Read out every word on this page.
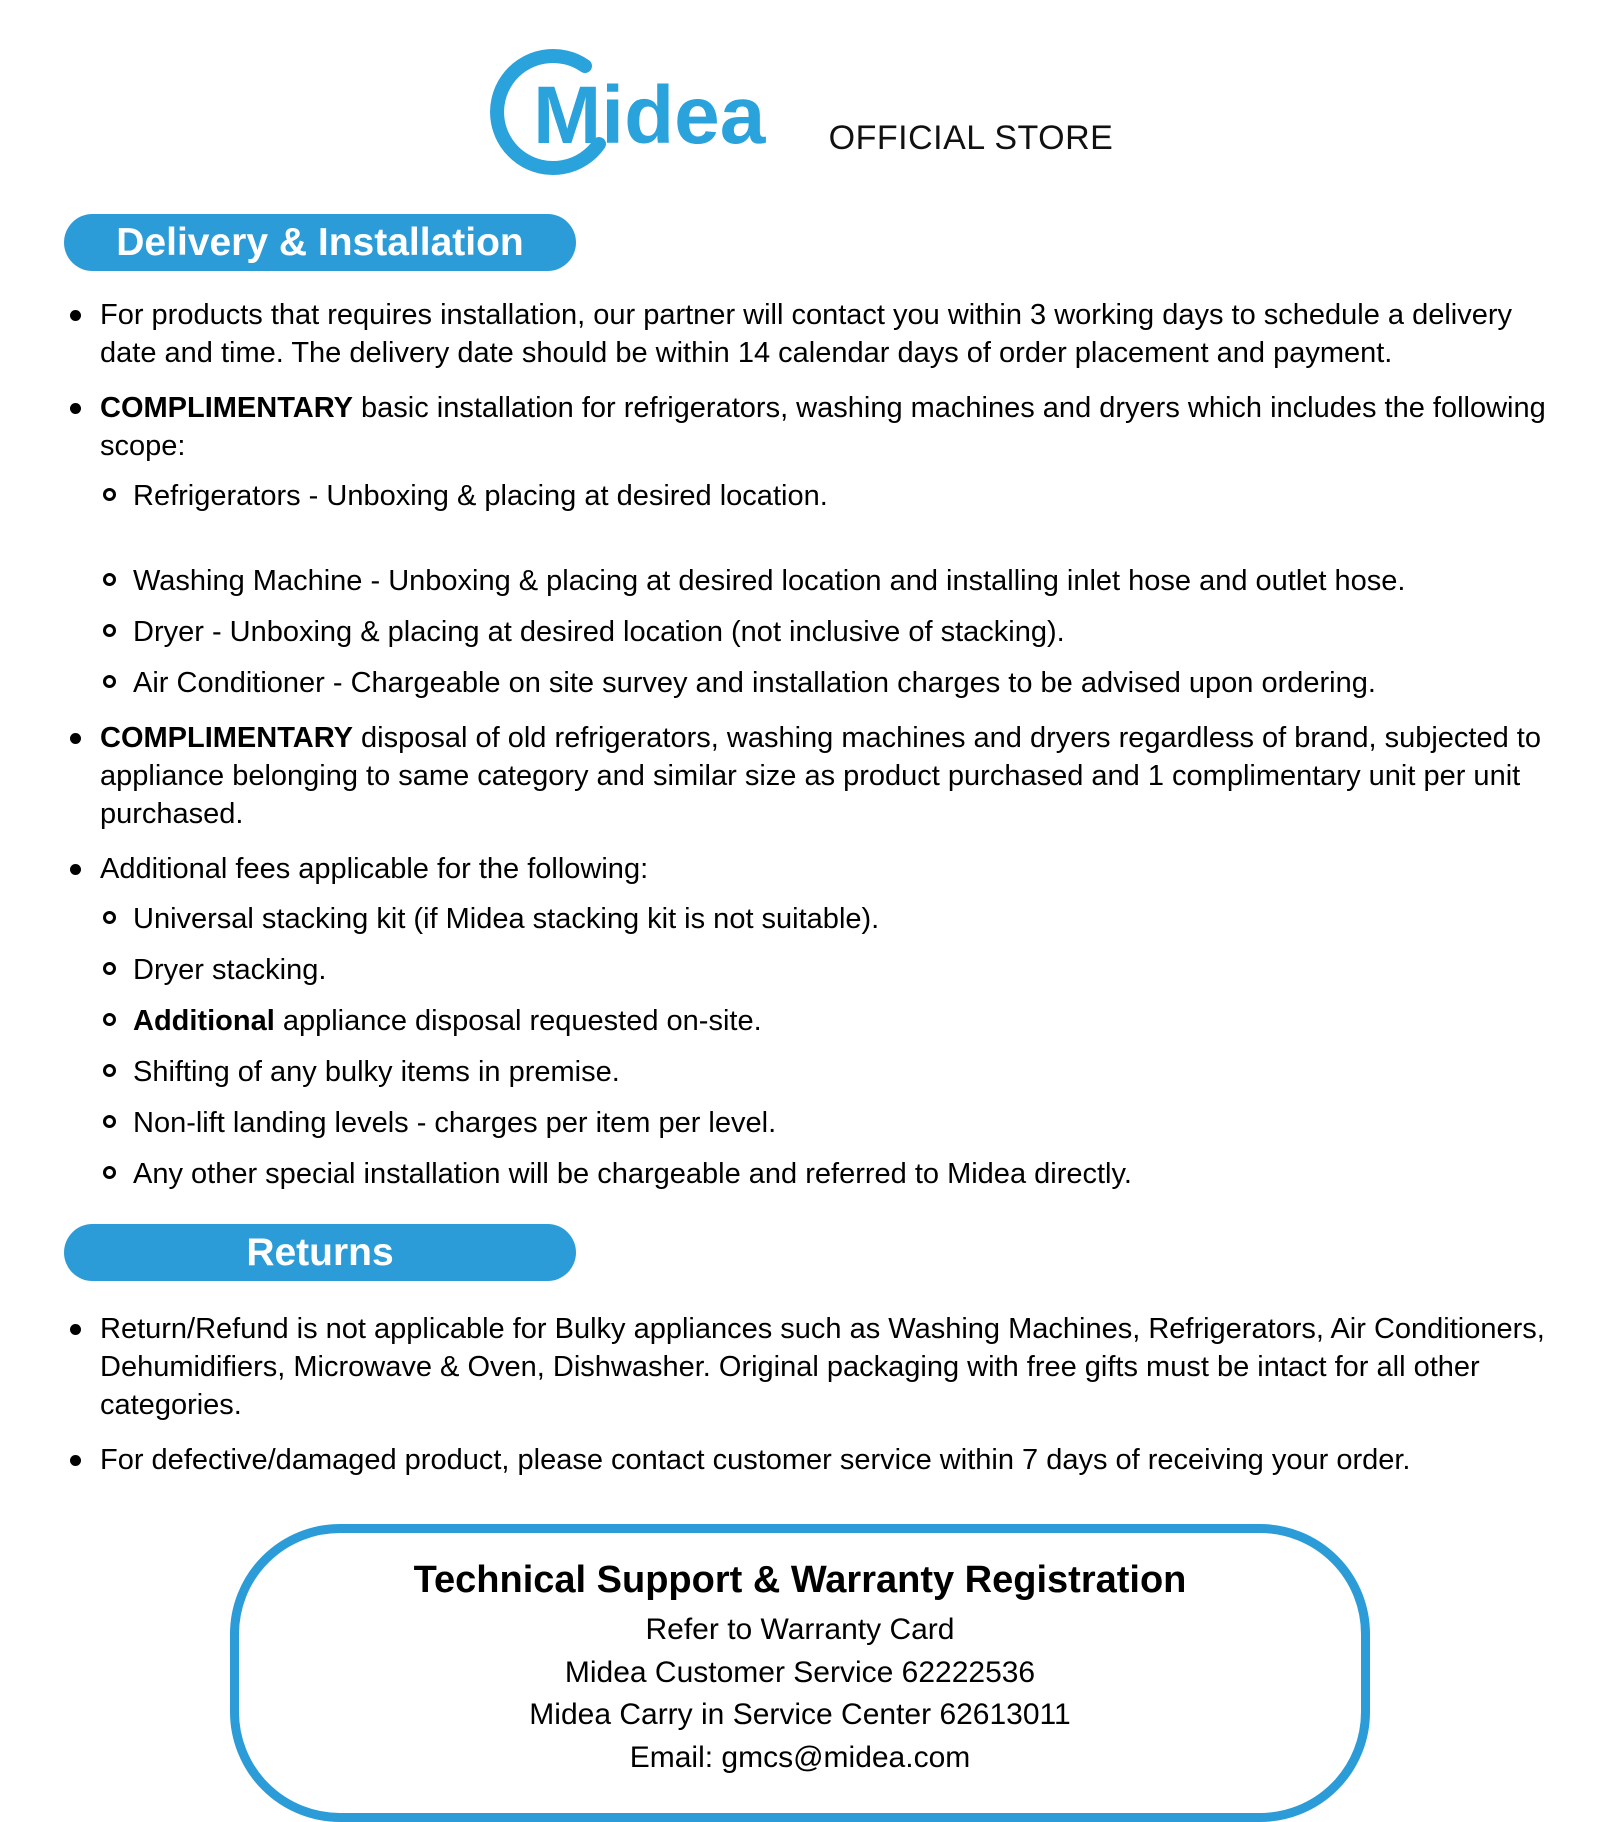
Midea OFFICIAL STORE
Delivery & Installation
For products that requires installation, our partner will contact you within 3 working days to schedule a delivery date and time. The delivery date should be within 14 calendar days of order placement and payment.
COMPLIMENTARY basic installation for refrigerators, washing machines and dryers which includes the following scope:
Refrigerators - Unboxing & placing at desired location.
Washing Machine - Unboxing & placing at desired location and installing inlet hose and outlet hose.
Dryer - Unboxing & placing at desired location (not inclusive of stacking).
Air Conditioner - Chargeable on site survey and installation charges to be advised upon ordering.
COMPLIMENTARY disposal of old refrigerators, washing machines and dryers regardless of brand, subjected to appliance belonging to same category and similar size as product purchased and 1 complimentary unit per unit purchased.
Additional fees applicable for the following:
Universal stacking kit (if Midea stacking kit is not suitable).
Dryer stacking.
Additional appliance disposal requested on-site.
Shifting of any bulky items in premise.
Non-lift landing levels - charges per item per level.
Any other special installation will be chargeable and referred to Midea directly.
Returns
Return/Refund is not applicable for Bulky appliances such as Washing Machines, Refrigerators, Air Conditioners, Dehumidifiers, Microwave & Oven, Dishwasher. Original packaging with free gifts must be intact for all other categories.
For defective/damaged product, please contact customer service within 7 days of receiving your order.
Technical Support & Warranty Registration
Refer to Warranty Card
Midea Customer Service 62222536
Midea Carry in Service Center 62613011
Email: gmcs@midea.com
